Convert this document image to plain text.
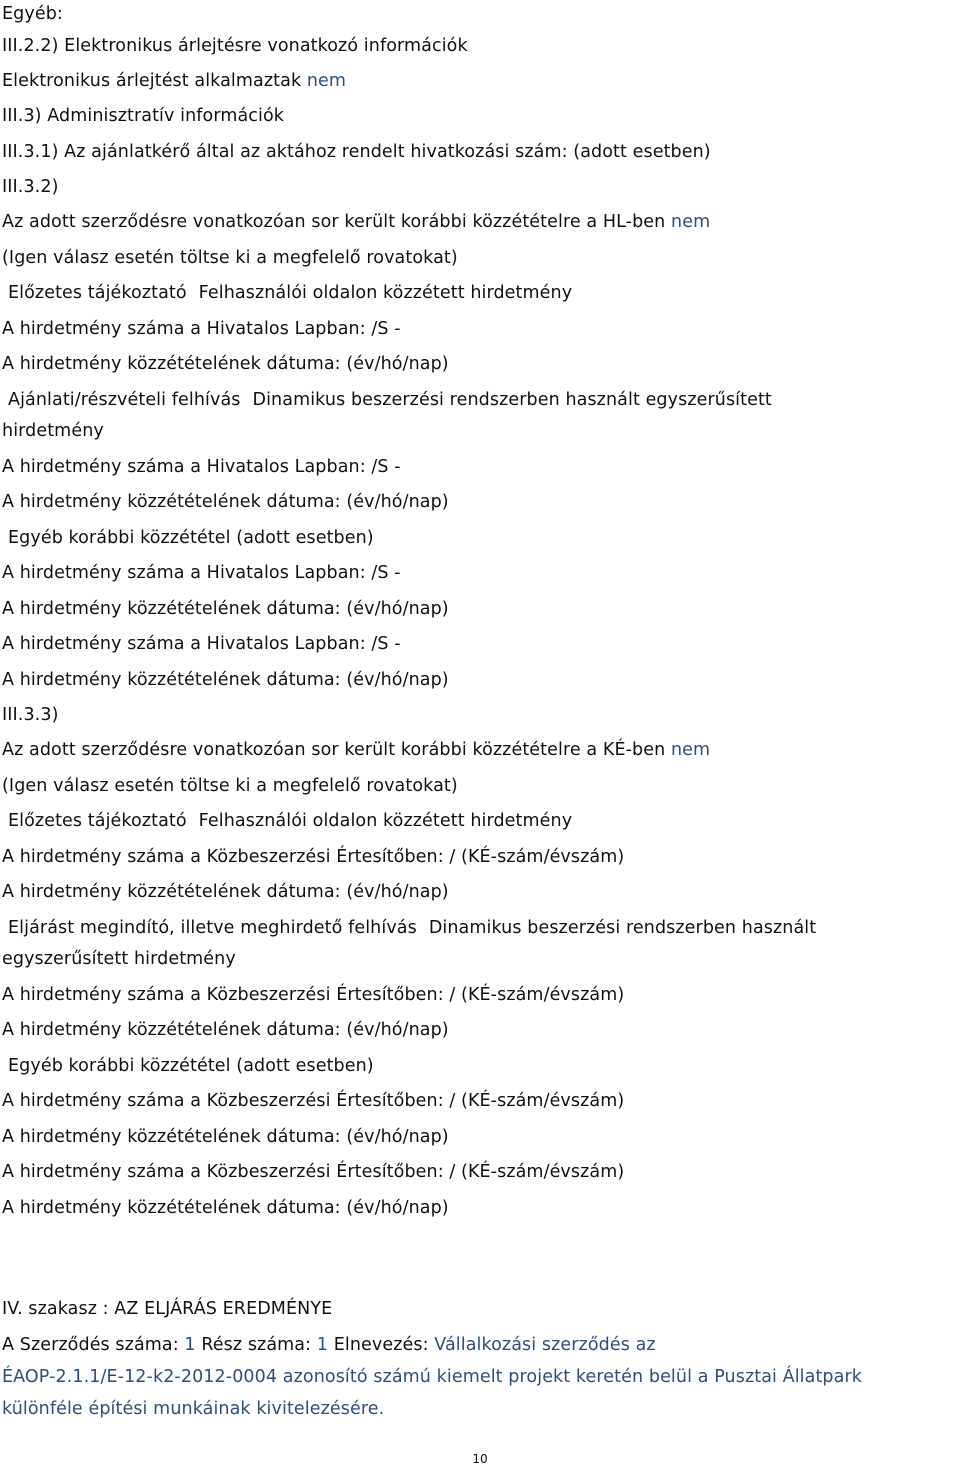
Egyéb:

III.2.2) Elektronikus árlejtésre vonatkozó információk

Elektronikus árlejtést alkalmaztak nem

III.3) Adminisztratív információk

III.3.1) Az ajánlatkérő által az aktához rendelt hivatkozási szám: (adott esetben)

III.3.2)

Az adott szerződésre vonatkozóan sor került korábbi közzétételre a HL-ben nem

(Igen válasz esetén töltse ki a megfelelő rovatokat)

Előzetes tájékoztató Felhasználói oldalon közzétett hirdetmény

A hirdetmény száma a Hivatalos Lapban: /S -

A hirdetmény közzétételének dátuma: (év/hó/nap)

Ajánlati/részvételi felhívás Dinamikus beszerzési rendszerben használt egyszerűsített

hirdetmény

A hirdetmény száma a Hivatalos Lapban: /S -

A hirdetmény közzétételének dátuma: (év/hó/nap)

Egyéb korábbi közzététel (adott esetben)

A hirdetmény száma a Hivatalos Lapban: /S -

A hirdetmény közzétételének dátuma: (év/hó/nap)

A hirdetmény száma a Hivatalos Lapban: /S -

A hirdetmény közzétételének dátuma: (év/hó/nap)

III.3.3)

Az adott szerződésre vonatkozóan sor került korábbi közzétételre a KÉ-ben nem

(Igen válasz esetén töltse ki a megfelelő rovatokat)

Előzetes tájékoztató Felhasználói oldalon közzétett hirdetmény

A hirdetmény száma a Közbeszerzési Értesítőben: / (KÉ-szám/évszám)

A hirdetmény közzétételének dátuma: (év/hó/nap)

Eljárást megindító, illetve meghirdető felhívás Dinamikus beszerzési rendszerben használt

egyszerűsített hirdetmény

A hirdetmény száma a Közbeszerzési Értesítőben: / (KÉ-szám/évszám)

A hirdetmény közzétételének dátuma: (év/hó/nap)

Egyéb korábbi közzététel (adott esetben)

A hirdetmény száma a Közbeszerzési Értesítőben: / (KÉ-szám/évszám)

A hirdetmény közzétételének dátuma: (év/hó/nap)

A hirdetmény száma a Közbeszerzési Értesítőben: / (KÉ-szám/évszám)

A hirdetmény közzétételének dátuma: (év/hó/nap)

IV. szakasz : AZ ELJÁRÁS EREDMÉNYE

A Szerződés száma: 1 Rész száma: 1 Elnevezés: Vállalkozási szerződés az

ÉAOP-2.1.1/E-12-k2-2012-0004 azonosító számú kiemelt projekt keretén belül a Pusztai Állatpark

különféle építési munkáinak kivitelezésére.

10
